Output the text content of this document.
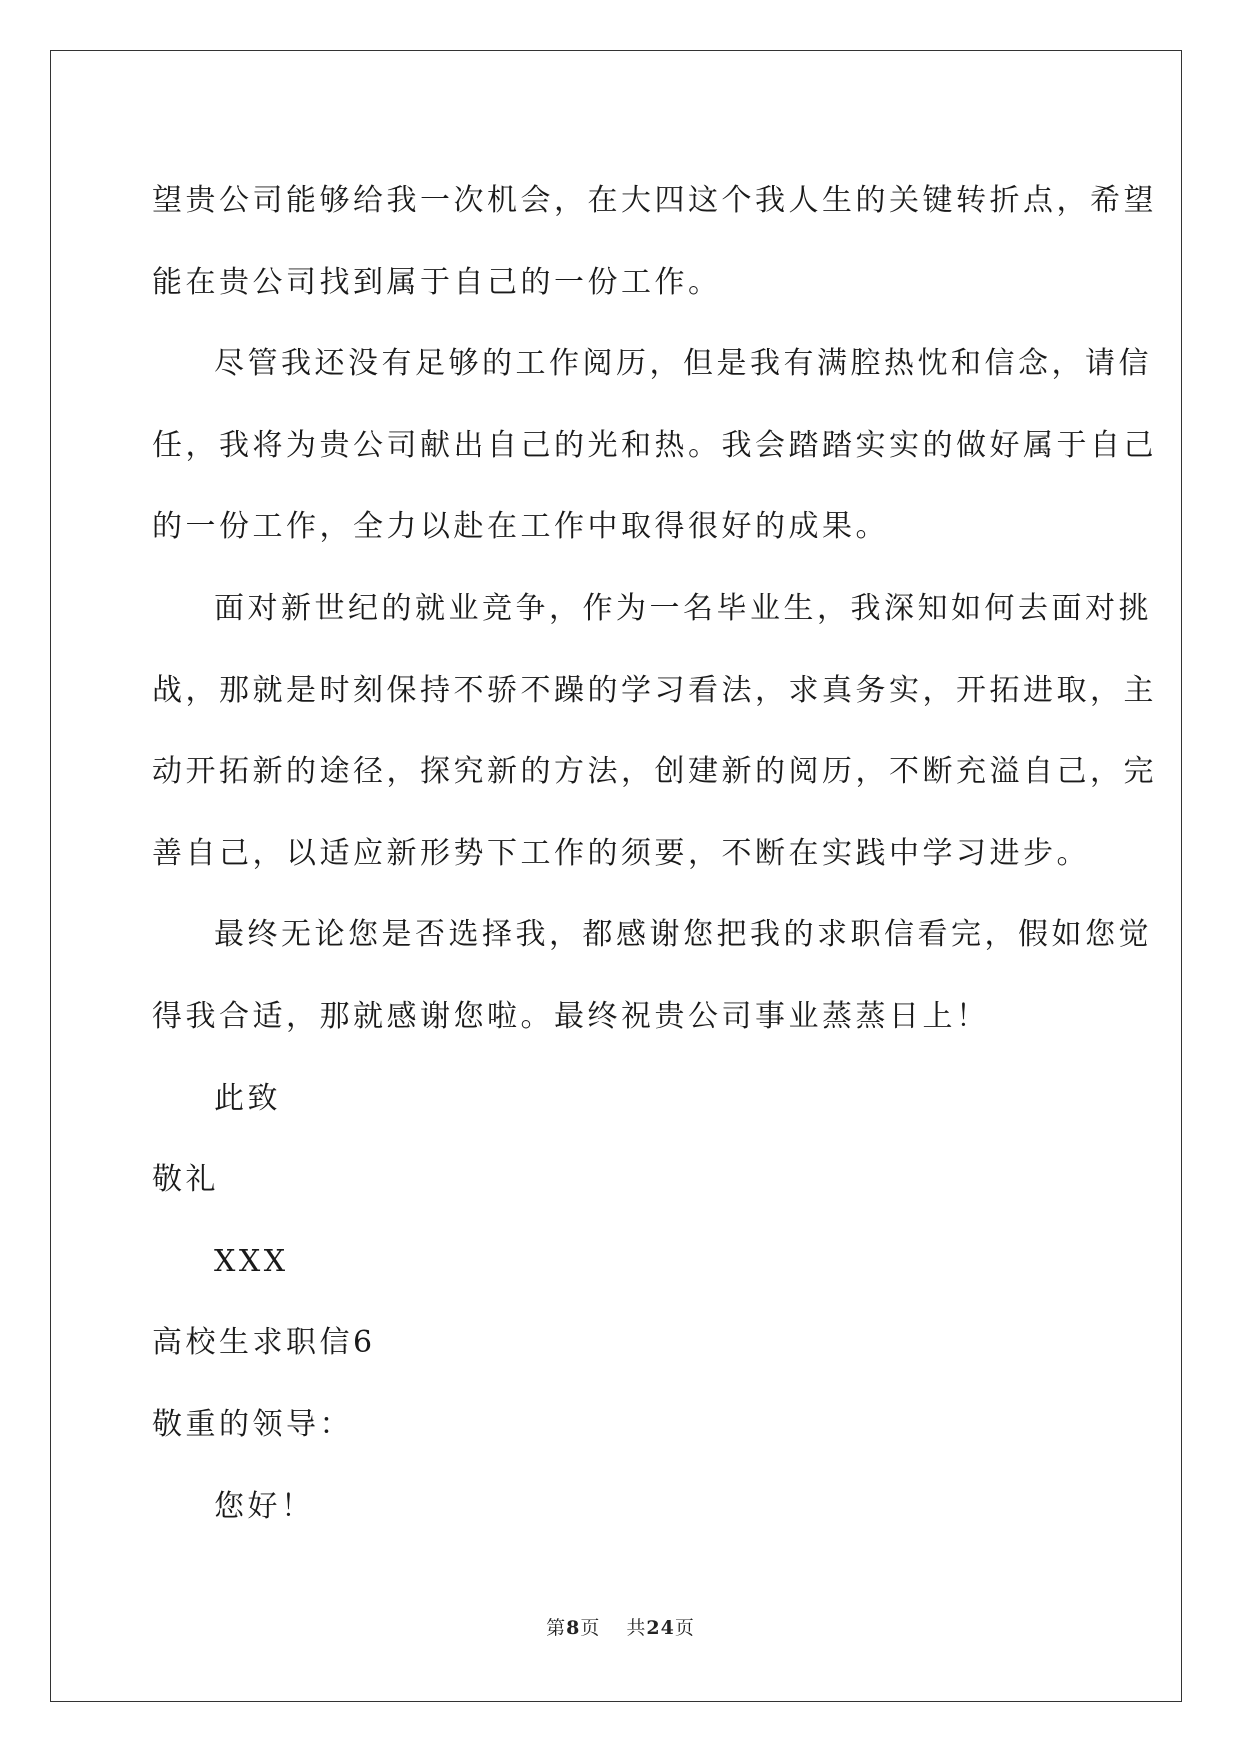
望贵公司能够给我一次机会，在大四这个我人生的关键转折点，希望
能在贵公司找到属于自己的一份工作。
尽管我还没有足够的工作阅历，但是我有满腔热忱和信念，请信
任，我将为贵公司献出自己的光和热。我会踏踏实实的做好属于自己
的一份工作，全力以赴在工作中取得很好的成果。
面对新世纪的就业竞争，作为一名毕业生，我深知如何去面对挑
战，那就是时刻保持不骄不躁的学习看法，求真务实，开拓进取，主
动开拓新的途径，探究新的方法，创建新的阅历，不断充溢自己，完
善自己，以适应新形势下工作的须要，不断在实践中学习进步。
最终无论您是否选择我，都感谢您把我的求职信看完，假如您觉
得我合适，那就感谢您啦。最终祝贵公司事业蒸蒸日上！
此致
敬礼
XXX
高校生求职信6
敬重的领导：
您好！
第8页 共24页
